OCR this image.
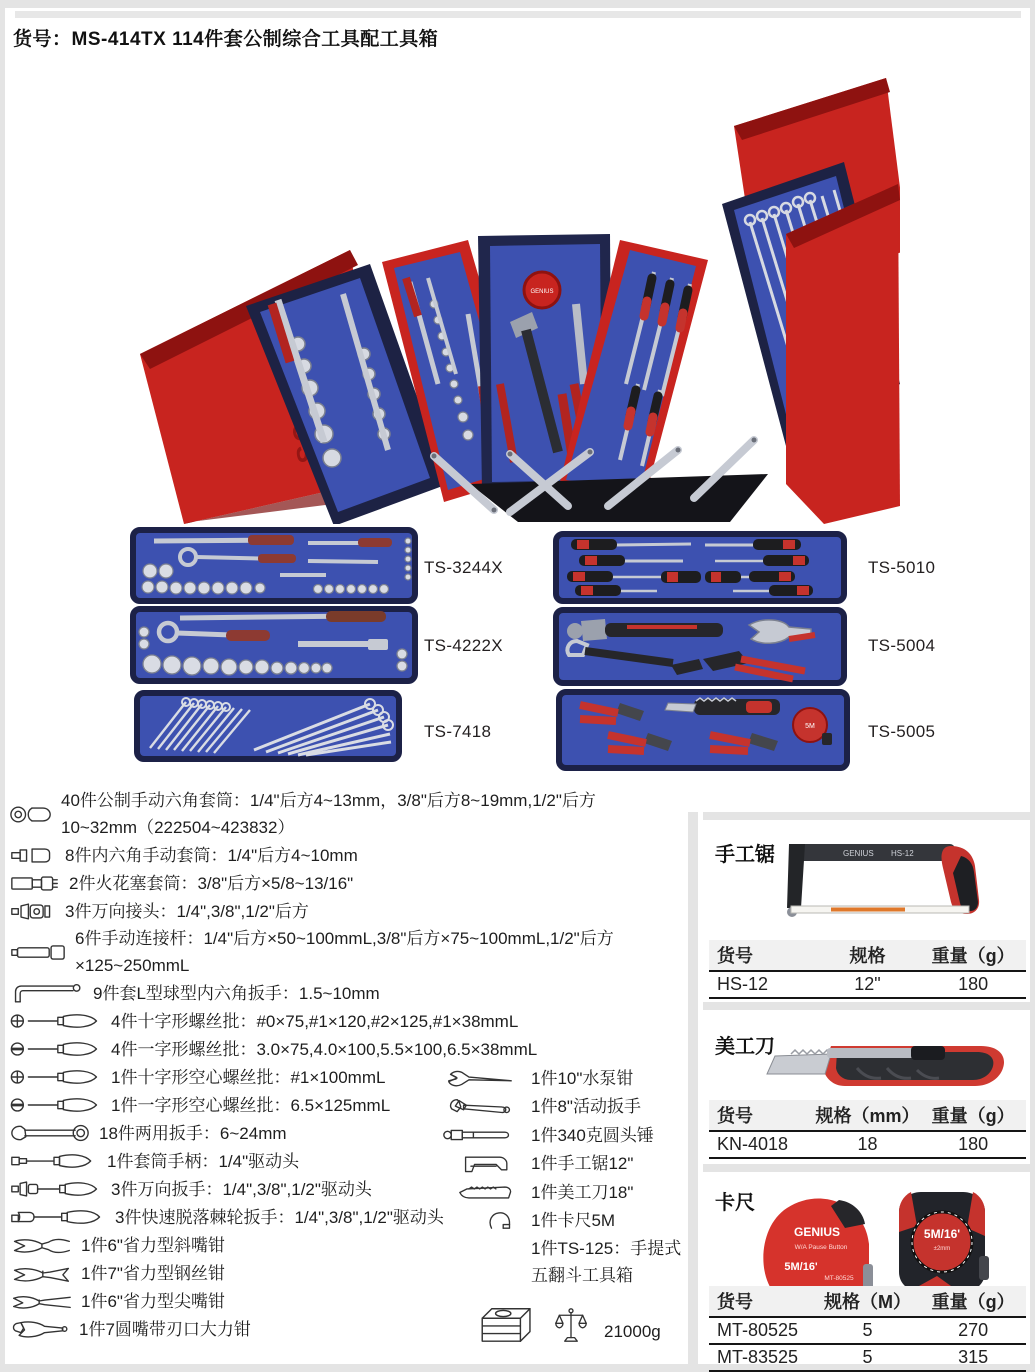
货号：MS-414TX 114件套公制综合工具配工具箱
GENIUS
TS-3244X
TS-4222X
TS-7418
TS-5010
TS-5004
5M	TS-5005
40件公制手动六角套筒：1/4"后方4~13mm，3/8"后方8~19mm,1/2"后方10~32mm（222504~423832）
8件内六角手动套筒：1/4"后方4~10mm
2件火花塞套筒：3/8"后方×5/8~13/16"
3件万向接头：1/4",3/8",1/2"后方
6件手动连接杆：1/4"后方×50~100mmL,3/8"后方×75~100mmL,1/2"后方×125~250mmL
9件套L型球型内六角扳手：1.5~10mm
4件十字形螺丝批：#0×75,#1×120,#2×125,#1×38mmL
4件一字形螺丝批：3.0×75,4.0×100,5.5×100,6.5×38mmL
1件十字形空心螺丝批：#1×100mmL
1件一字形空心螺丝批：6.5×125mmL
18件两用扳手：6~24mm
1件套筒手柄：1/4"驱动头
3件万向扳手：1/4",3/8",1/2"驱动头
3件快速脱落棘轮扳手：1/4",3/8",1/2"驱动头
1件6"省力型斜嘴钳
1件7"省力型钢丝钳
1件6"省力型尖嘴钳
1件7圆嘴带刃口大力钳
1件10"水泵钳
1件8"活动扳手
1件340克圆头锤
1件手工锯12"
1件美工刀18"
1件卡尺5M
1件TS-125：手提式五翻斗工具箱
21000g
手工锯	GENIUS HS-12
货号	规格	重量（g）
HS-12	12"	180
美工刀
货号	规格（mm）	重量（g）
KN-4018	18	180
卡尺
GENIUS
W/A Pause Button
5M/16'
MT-80525
5M/16'
±2mm
货号	规格（M）	重量（g）
MT-80525	5	270
MT-83525	5	315
